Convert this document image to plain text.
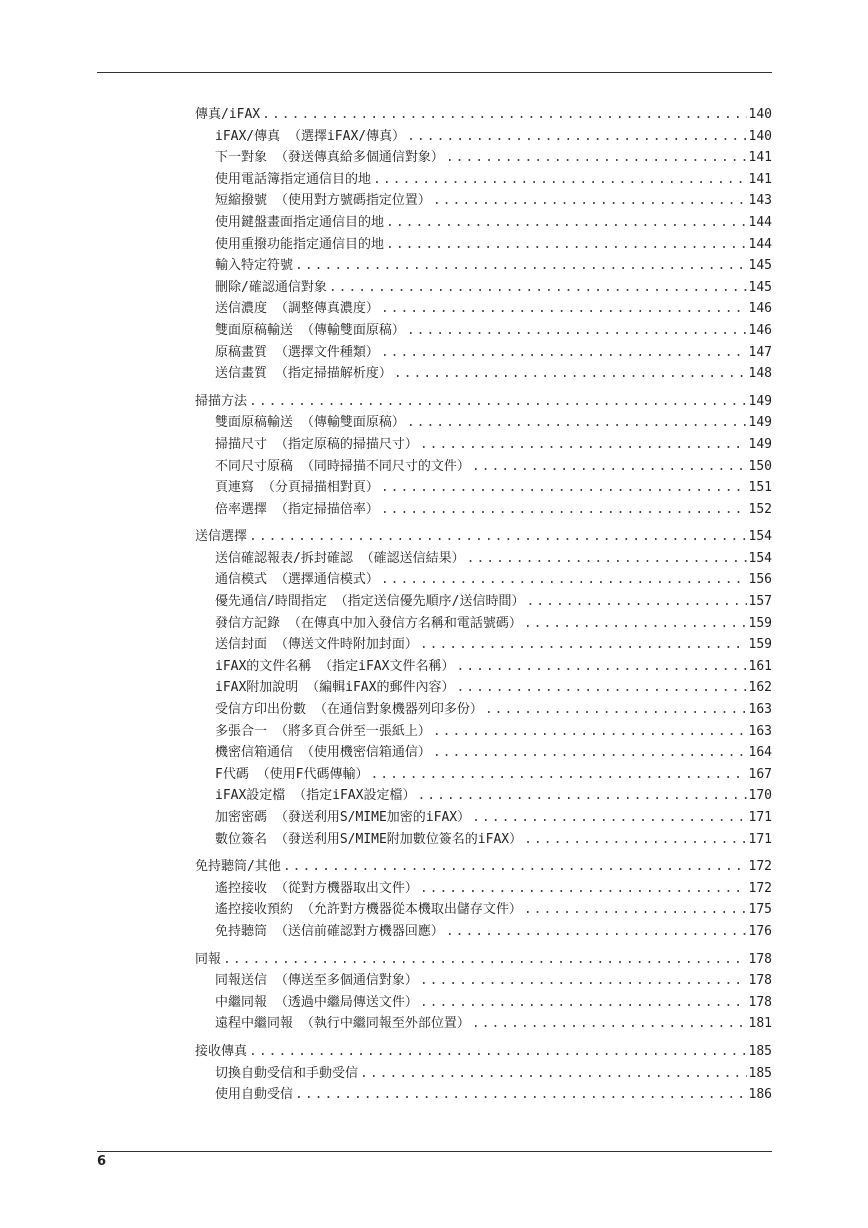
傳真/iFAX .....	140
iFAX/傳真 （選擇iFAX/傳真） .....	140
下一對象 （發送傳真給多個通信對象） .....	141
使用電話簿指定通信目的地 .....	141
短縮撥號 （使用對方號碼指定位置） .....	143
使用鍵盤畫面指定通信目的地 .....	144
使用重撥功能指定通信目的地 .....	144
輸入特定符號 .....	145
刪除/確認通信對象 .....	145
送信濃度 （調整傳真濃度） .....	146
雙面原稿輸送 （傳輸雙面原稿） .....	146
原稿畫質 （選擇文件種類） .....	147
送信畫質 （指定掃描解析度） .....	148
掃描方法 .....	149
雙面原稿輸送 （傳輸雙面原稿） .....	149
掃描尺寸 （指定原稿的掃描尺寸） .....	149
不同尺寸原稿 （同時掃描不同尺寸的文件） .....	150
頁連寫 （分頁掃描相對頁） .....	151
倍率選擇 （指定掃描倍率） .....	152
送信選擇 .....	154
送信確認報表/拆封確認 （確認送信結果） .....	154
通信模式 （選擇通信模式） .....	156
優先通信/時間指定 （指定送信優先順序/送信時間） .....	157
發信方記錄 （在傳真中加入發信方名稱和電話號碼） .....	159
送信封面 （傳送文件時附加封面） .....	159
iFAX的文件名稱 （指定iFAX文件名稱） .....	161
iFAX附加說明 （編輯iFAX的郵件內容） .....	162
受信方印出份數 （在通信對象機器列印多份） .....	163
多張合一 （將多頁合併至一張紙上） .....	163
機密信箱通信 （使用機密信箱通信） .....	164
F代碼 （使用F代碼傳輸） .....	167
iFAX設定檔 （指定iFAX設定檔） .....	170
加密密碼 （發送利用S/MIME加密的iFAX） .....	171
數位簽名 （發送利用S/MIME附加數位簽名的iFAX） .....	171
免持聽筒/其他 .....	172
遙控接收 （從對方機器取出文件） .....	172
遙控接收預約 （允許對方機器從本機取出儲存文件） .....	175
免持聽筒 （送信前確認對方機器回應） .....	176
同報 .....	178
同報送信 （傳送至多個通信對象） .....	178
中繼同報 （透過中繼局傳送文件） .....	178
遠程中繼同報 （執行中繼同報至外部位置） .....	181
接收傳真 .....	185
切換自動受信和手動受信 .....	185
使用自動受信 .....	186
6
